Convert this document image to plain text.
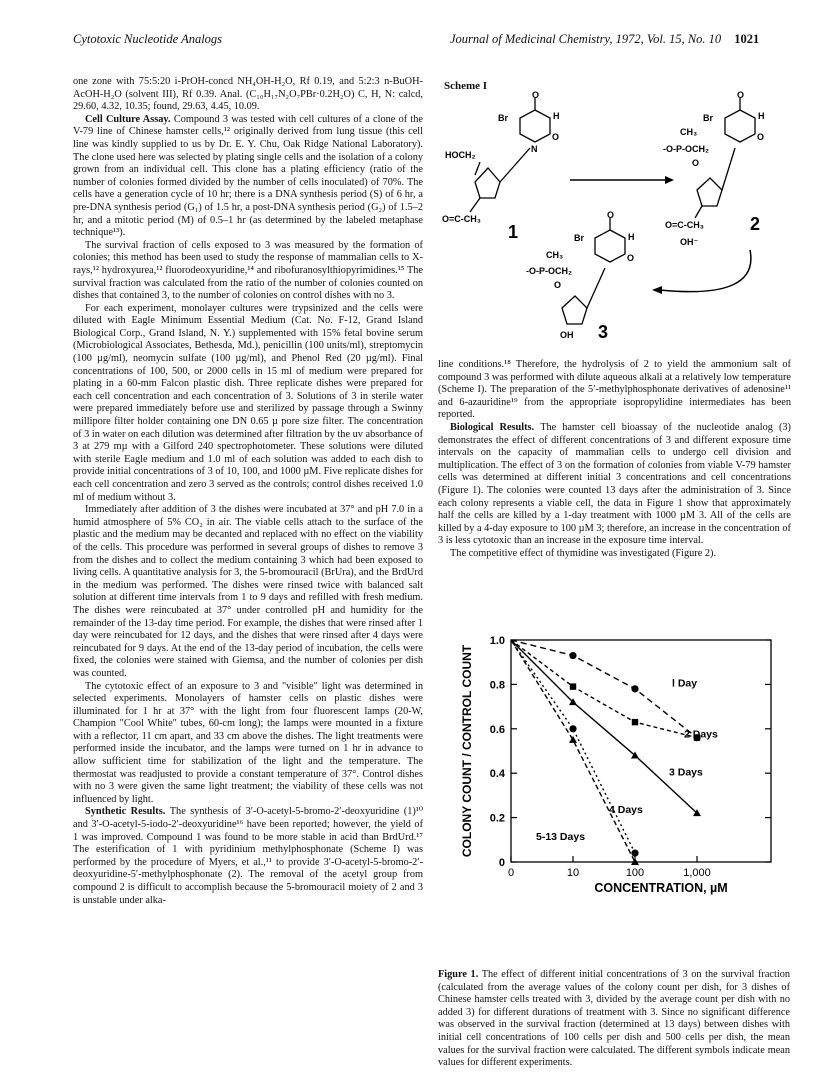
Cytotoxic Nucleotide Analogs	Journal of Medicinal Chemistry, 1972, Vol. 15, No. 10 1021

one zone with 75:5:20 i-PrOH-concd NH₄OH-H₂O, Rf 0.19, and 5:2:3 n-BuOH-AcOH-H₂O (solvent III), Rf 0.39. Anal. (C₁₀H₁₇N₂O₇PBr·0.2H₂O) C, H, N: calcd, 29.60, 4.32, 10.35; found, 29.63, 4.45, 10.09.

Cell Culture Assay. Compound 3 was tested with cell cultures of a clone of the V-79 line of Chinese hamster cells,¹² originally derived from lung tissue (this cell line was kindly supplied to us by Dr. E. Y. Chu, Oak Ridge National Laboratory). The clone used here was selected by plating single cells and the isolation of a colony grown from an individual cell. This clone has a plating efficiency (ratio of the number of colonies formed divided by the number of cells inoculated) of 70%. The cells have a generation cycle of 10 hr; there is a DNA synthesis period (S) of 6 hr, a pre-DNA synthesis period (G₁) of 1.5 hr, a post-DNA synthesis period (G₂) of 1.5–2 hr, and a mitotic period (M) of 0.5–1 hr (as determined by the labeled metaphase technique¹³).

The survival fraction of cells exposed to 3 was measured by the formation of colonies; this method has been used to study the response of mammalian cells to X-rays,¹² hydroxyurea,¹² fluorodeoxyuridine,¹⁴ and ribofuranosylthiopyrimidines.¹⁵ The survival fraction was calculated from the ratio of the number of colonies counted on dishes that contained 3, to the number of colonies on control dishes with no 3.

For each experiment, monolayer cultures were trypsinized and the cells were diluted with Eagle Minimum Essential Medium (Cat. No. F-12, Grand Island Biological Corp., Grand Island, N. Y.) supplemented with 15% fetal bovine serum (Microbiological Associates, Bethesda, Md.), penicillin (100 units/ml), streptomycin (100 µg/ml), neomycin sulfate (100 µg/ml), and Phenol Red (20 µg/ml). Final concentrations of 100, 500, or 2000 cells in 15 ml of medium were prepared for plating in a 60-mm Falcon plastic dish. Three replicate dishes were prepared for each cell concentration and each concentration of 3. Solutions of 3 in sterile water were prepared immediately before use and sterilized by passage through a Swinny millipore filter holder containing one DN 0.65 µ pore size filter. The concentration of 3 in water on each dilution was determined after filtration by the uv absorbance of 3 at 279 mµ with a Gilford 240 spectrophotometer. These solutions were diluted with sterile Eagle medium and 1.0 ml of each solution was added to each dish to provide initial concentrations of 3 of 10, 100, and 1000 µM. Five replicate dishes for each cell concentration and zero 3 served as the controls; control dishes received 1.0 ml of medium without 3.

Immediately after addition of 3 the dishes were incubated at 37° and pH 7.0 in a humid atmosphere of 5% CO₂ in air. The viable cells attach to the surface of the plastic and the medium may be decanted and replaced with no effect on the viability of the cells. This procedure was performed in several groups of dishes to remove 3 from the dishes and to collect the medium containing 3 which had been exposed to living cells. A quantitative analysis for 3, the 5-bromouracil (BrUra), and the BrdUrd in the medium was performed. The dishes were rinsed twice with balanced salt solution at different time intervals from 1 to 9 days and refilled with fresh medium. The dishes were reincubated at 37° under controlled pH and humidity for the remainder of the 13-day time period. For example, the dishes that were rinsed after 1 day were reincubated for 12 days, and the dishes that were rinsed after 4 days were reincubated for 9 days. At the end of the 13-day period of incubation, the cells were fixed, the colonies were stained with Giemsa, and the number of colonies per dish was counted.

The cytotoxic effect of an exposure to 3 and "visible" light was determined in selected experiments. Monolayers of hamster cells on plastic dishes were illuminated for 1 hr at 37° with the light from four fluorescent lamps (20-W, Champion "Cool White" tubes, 60-cm long); the lamps were mounted in a fixture with a reflector, 11 cm apart, and 33 cm above the dishes. The light treatments were performed inside the incubator, and the lamps were turned on 1 hr in advance to allow sufficient time for stabilization of the light and the temperature. The thermostat was readjusted to provide a constant temperature of 37°. Control dishes with no 3 were given the same light treatment; the viability of these cells was not influenced by light.

Synthetic Results. The synthesis of 3′-O-acetyl-5-bromo-2′-deoxyuridine (1)¹⁰ and 3′-O-acetyl-5-iodo-2′-deoxyuridine¹⁶ have been reported; however, the yield of 1 was improved. Compound 1 was found to be more stable in acid than BrdUrd.¹⁷ The esterification of 1 with pyridinium methylphosphonate (Scheme I) was performed by the procedure of Myers, et al.,¹¹ to provide 3′-O-acetyl-5-bromo-2′-deoxyuridine-5′-methylphosphonate (2). The removal of the acetyl group from compound 2 is difficult to accomplish because the 5-bromouracil moiety of 2 and 3 is unstable under alka-

line conditions.¹⁸ Therefore, the hydrolysis of 2 to yield the ammonium salt of compound 3 was performed with dilute aqueous alkali at a relatively low temperature (Scheme I). The preparation of the 5′-methylphosphonate derivatives of adenosine¹¹ and 6-azauridine¹⁹ from the appropriate isopropylidine intermediates has been reported.

Biological Results. The hamster cell bioassay of the nucleotide analog (3) demonstrates the effect of different concentrations of 3 and different exposure time intervals on the capacity of mammalian cells to undergo cell division and multiplication. The effect of 3 on the formation of colonies from viable V-79 hamster cells was determined at different initial 3 concentrations and cell concentrations (Figure 1). The colonies were counted 13 days after the administration of 3. Since each colony represents a viable cell, the data in Figure 1 show that approximately half the cells are killed by a 1-day treatment with 1000 µM 3. All of the cells are killed by a 4-day exposure to 100 µM 3; therefore, an increase in the concentration of 3 is less cytotoxic than an increase in the exposure time interval.

The competitive effect of thymidine was investigated (Figure 2).

Scheme I
O
Br	H
O
N
HOCH₂
O=C-CH₃
1
O
Br	H
O
CH₃
-O-P-OCH₂
O
O=C-CH₃	2
O
Br	H
O
CH₃
-O-P-OCH₂
O
OH 3
OH⁻
0	10	100	1,000
0
0.2
0.4
0.6
0.8
1.0
CONCENTRATION, µM
COLONY COUNT / CONTROL COUNT	l Day
2 Days
3 Days
4 Days
5-13 Days
Figure 1. The effect of different initial concentrations of 3 on the survival fraction (calculated from the average values of the colony count per dish, for 3 dishes of Chinese hamster cells treated with 3, divided by the average count per dish with no added 3) for different durations of treatment with 3. Since no significant difference was observed in the survival fraction (determined at 13 days) between dishes with initial cell concentrations of 100 cells per dish and 500 cells per dish, the mean values for the survival fraction were calculated. The different symbols indicate mean values for different experiments.
